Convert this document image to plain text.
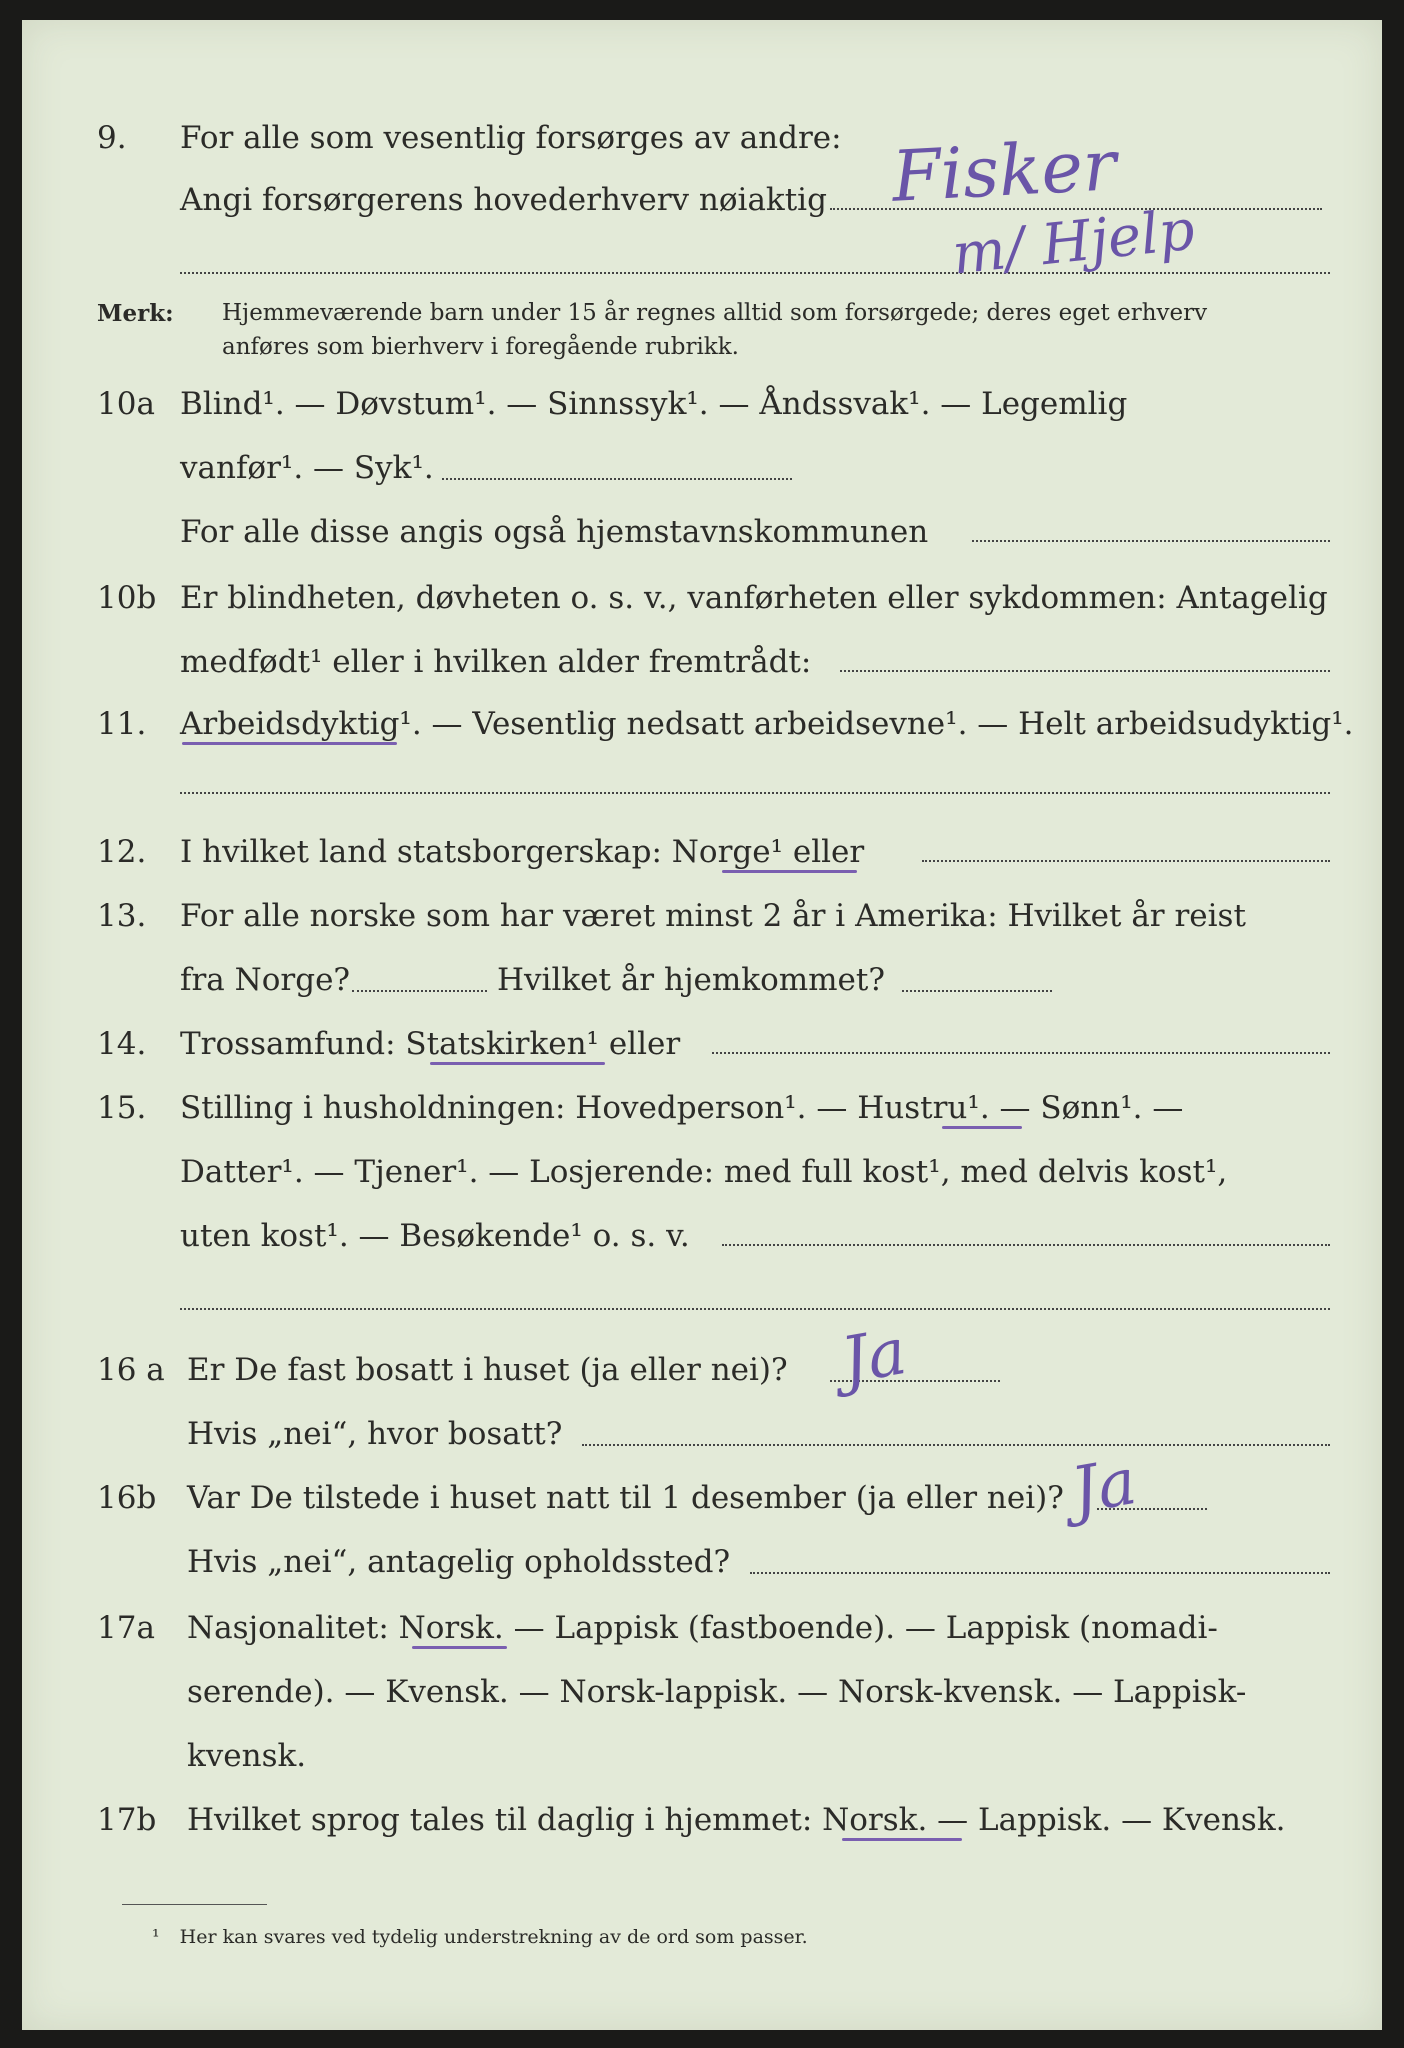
9. For alle som vesentlig forsørges av andre:
Angi forsørgerens hovederhverv nøiaktig Fisker
m/ Hjelp
Merk: Hjemmeværende barn under 15 år regnes alltid som forsørgede; deres eget erhverv
anføres som bierhverv i foregående rubrikk.
10a Blind¹. — Døvstum¹. — Sinnssyk¹. — Åndssvak¹. — Legemlig
vanfør¹. — Syk¹.
For alle disse angis også hjemstavnskommunen
10b Er blindheten, døvheten o. s. v., vanførheten eller sykdommen: Antagelig
medfødt¹ eller i hvilken alder fremtrådt:
11. Arbeidsdyktig¹. — Vesentlig nedsatt arbeidsevne¹. — Helt arbeidsudyktig¹.
12. I hvilket land statsborgerskap: Norge¹ eller
13. For alle norske som har været minst 2 år i Amerika: Hvilket år reist
fra Norge?	Hvilket år hjemkommet?
14. Trossamfund: Statskirken¹ eller
15. Stilling i husholdningen: Hovedperson¹. — Hustru¹. — Sønn¹. —
Datter¹. — Tjener¹. — Losjerende: med full kost¹, med delvis kost¹,
uten kost¹. — Besøkende¹ o. s. v.
16 a Er De fast bosatt i huset (ja eller nei)? Ja
Hvis „nei“, hvor bosatt?
16b Var De tilstede i huset natt til 1 desember (ja eller nei)? Ja
Hvis „nei“, antagelig opholdssted?
17a Nasjonalitet: Norsk. — Lappisk (fastboende). — Lappisk (nomadi-
serende). — Kvensk. — Norsk-lappisk. — Norsk-kvensk. — Lappisk-
kvensk.
17b Hvilket sprog tales til daglig i hjemmet: Norsk. — Lappisk. — Kvensk.
¹ Her kan svares ved tydelig understrekning av de ord som passer.
